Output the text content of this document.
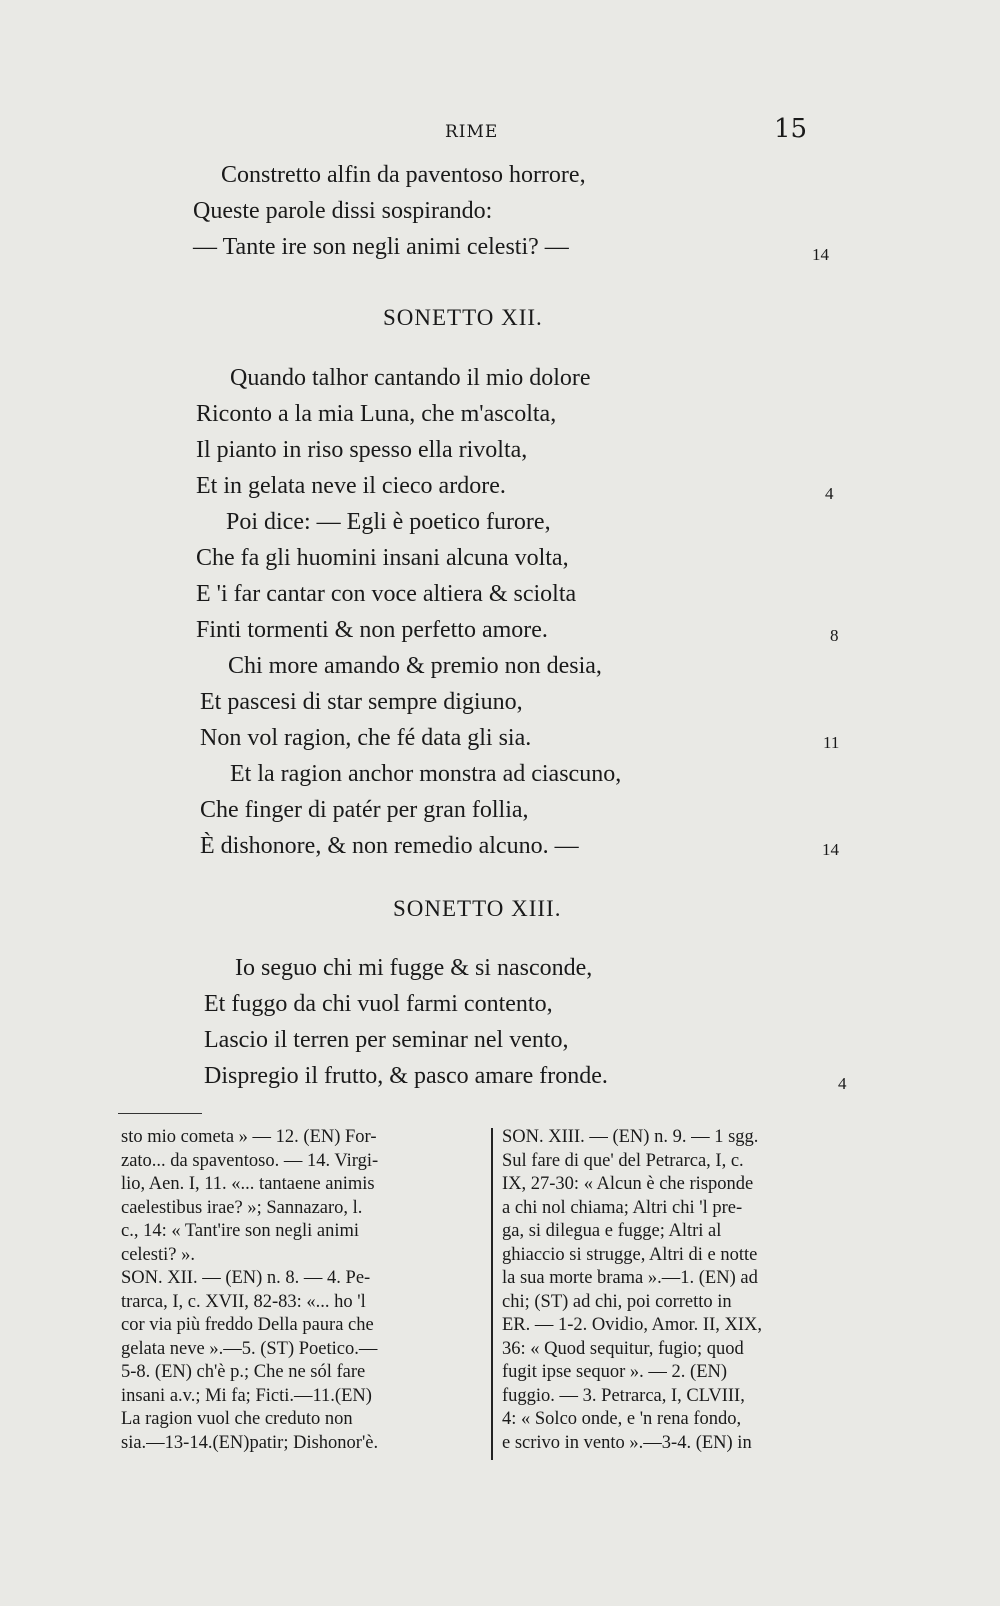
RIME	15
Constretto alfin da paventoso horrore,
Queste parole dissi sospirando:
— Tante ire son negli animi celesti? —	14
SONETTO XII.
Quando talhor cantando il mio dolore
Riconto a la mia Luna, che m'ascolta,
Il pianto in riso spesso ella rivolta,
Et in gelata neve il cieco ardore.	4
Poi dice: — Egli è poetico furore,
Che fa gli huomini insani alcuna volta,
E 'i far cantar con voce altiera & sciolta
Finti tormenti & non perfetto amore.	8
Chi more amando & premio non desia,
Et pascesi di star sempre digiuno,
Non vol ragion, che fé data gli sia.	11
Et la ragion anchor monstra ad ciascuno,
Che finger di patér per gran follia,
È dishonore, & non remedio alcuno. —	14
SONETTO XIII.
Io seguo chi mi fugge & si nasconde,
Et fuggo da chi vuol farmi contento,
Lascio il terren per seminar nel vento,
Dispregio il frutto, & pasco amare fronde.	4
sto mio cometa » — 12. (EN) For-
zato... da spaventoso. — 14. Virgi-
lio, Aen. I, 11. «... tantaene animis
caelestibus irae? »; Sannazaro, l.
c., 14: « Tant'ire son negli animi
celesti? ».
SON. XII. — (EN) n. 8. — 4. Pe-
trarca, I, c. XVII, 82-83: «... ho 'l
cor via più freddo Della paura che
gelata neve ».—5. (ST) Poetico.—
5-8. (EN) ch'è p.; Che ne sól fare
insani a.v.; Mi fa; Ficti.—11.(EN)
La ragion vuol che creduto non
sia.—13-14.(EN)patir; Dishonor'è.
SON. XIII. — (EN) n. 9. — 1 sgg.
Sul fare di que' del Petrarca, I, c.
IX, 27-30: « Alcun è che risponde
a chi nol chiama; Altri chi 'l pre-
ga, si dilegua e fugge; Altri al
ghiaccio si strugge, Altri di e notte
la sua morte brama ».—1. (EN) ad
chi; (ST) ad chi, poi corretto in
ER. — 1-2. Ovidio, Amor. II, XIX,
36: « Quod sequitur, fugio; quod
fugit ipse sequor ». — 2. (EN)
fuggio. — 3. Petrarca, I, CLVIII,
4: « Solco onde, e 'n rena fondo,
e scrivo in vento ».—3-4. (EN) in
